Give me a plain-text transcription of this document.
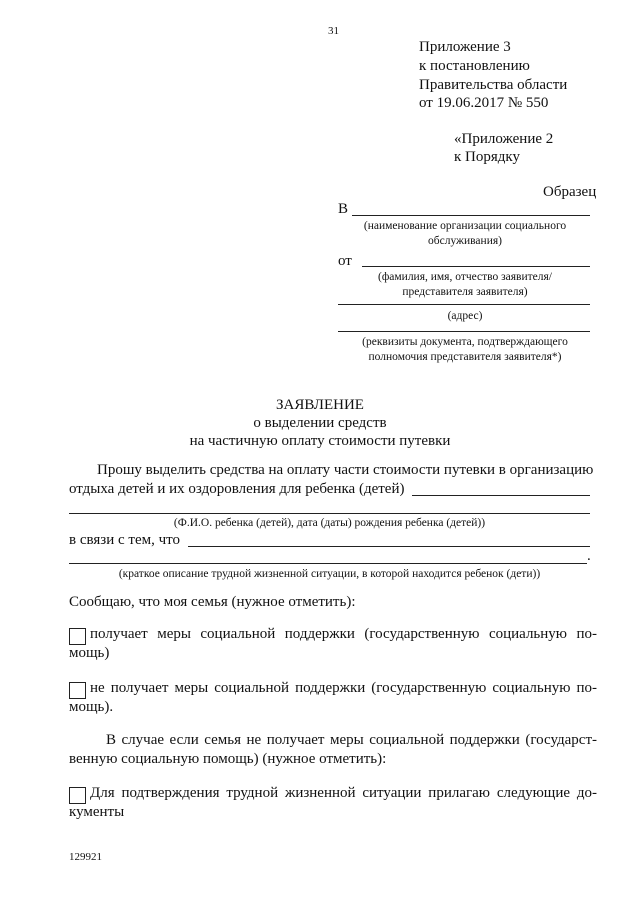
31
Приложение 3
к постановлению
Правительства области
от 19.06.2017 № 550
«Приложение 2
к Порядку
Образец
В
(наименование организации социального
обслуживания)
от
(фамилия, имя, отчество заявителя/
представителя заявителя)
(адрес)
(реквизиты документа, подтверждающего
полномочия представителя заявителя*)
ЗАЯВЛЕНИЕ
о выделении средств
на частичную оплату стоимости путевки
Прошу выделить средства на оплату части стоимости путевки в организацию
отдыха детей и их оздоровления для ребенка (детей)
(Ф.И.О. ребенка (детей), дата (даты) рождения ребенка (детей))
в связи с тем, что
.
(краткое описание трудной жизненной ситуации, в которой находится ребенок (дети))
Сообщаю, что моя семья (нужное отметить):
получает меры социальной поддержки (государственную социальную по-
мощь)
не получает меры социальной поддержки (государственную социальную по-
мощь).
В случае если семья не получает меры социальной поддержки (государст-
венную социальную помощь) (нужное отметить):
Для подтверждения трудной жизненной ситуации прилагаю следующие до-
кументы
129921
